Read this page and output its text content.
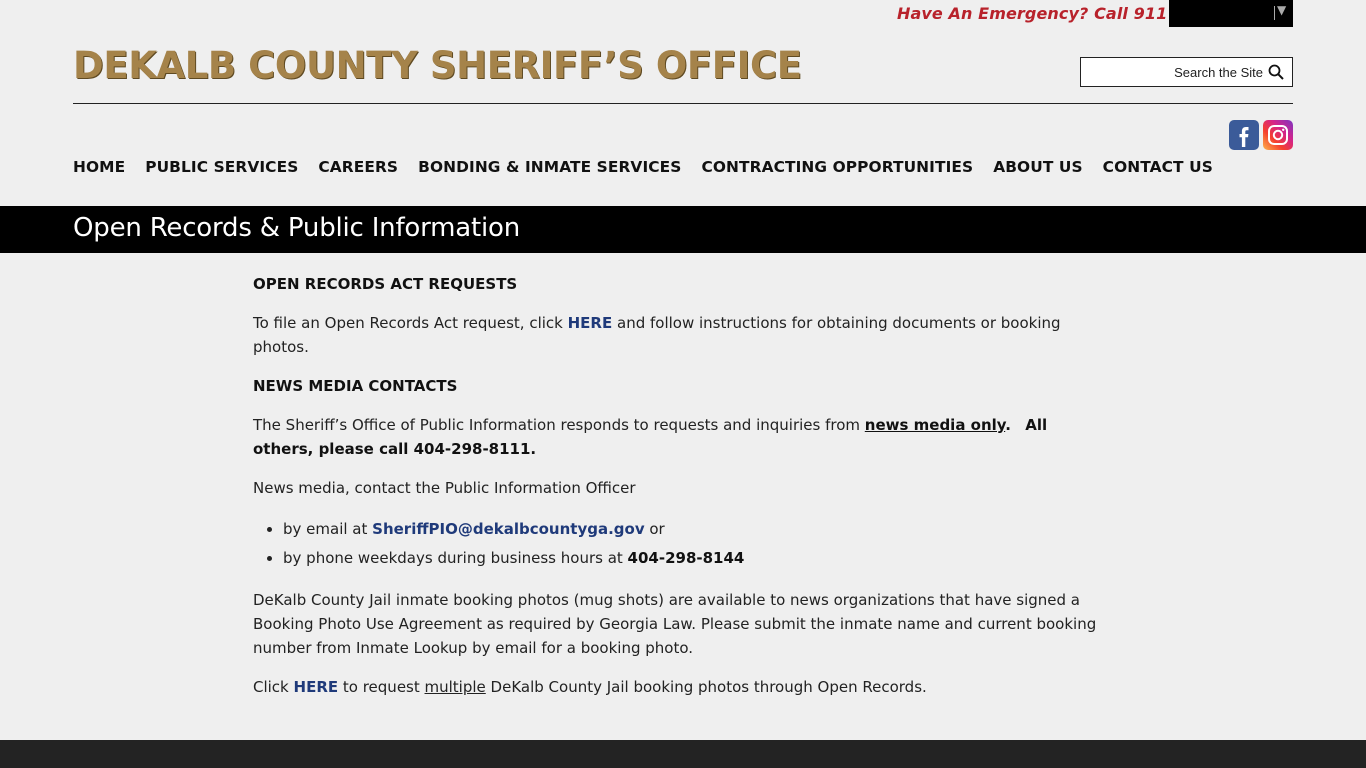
Have An Emergency? Call 911	▼
DEKALB COUNTY SHERIFF’S OFFICE
Search the Site
HOME PUBLIC SERVICES CAREERS BONDING & INMATE SERVICES CONTRACTING OPPORTUNITIES ABOUT US CONTACT US
Open Records & Public Information
OPEN RECORDS ACT REQUESTS

To file an Open Records Act request, click HERE and follow instructions for obtaining documents or booking photos.

NEWS MEDIA CONTACTS

The Sheriff’s Office of Public Information responds to requests and inquiries from news media only. All others, please call 404-298-8111.

News media, contact the Public Information Officer

• by email at SheriffPIO@dekalbcountyga.gov or
• by phone weekdays during business hours at 404-298-8144

DeKalb County Jail inmate booking photos (mug shots) are available to news organizations that have signed a Booking Photo Use Agreement as required by Georgia Law. Please submit the inmate name and current booking number from Inmate Lookup by email for a booking photo.

Click HERE to request multiple DeKalb County Jail booking photos through Open Records.
